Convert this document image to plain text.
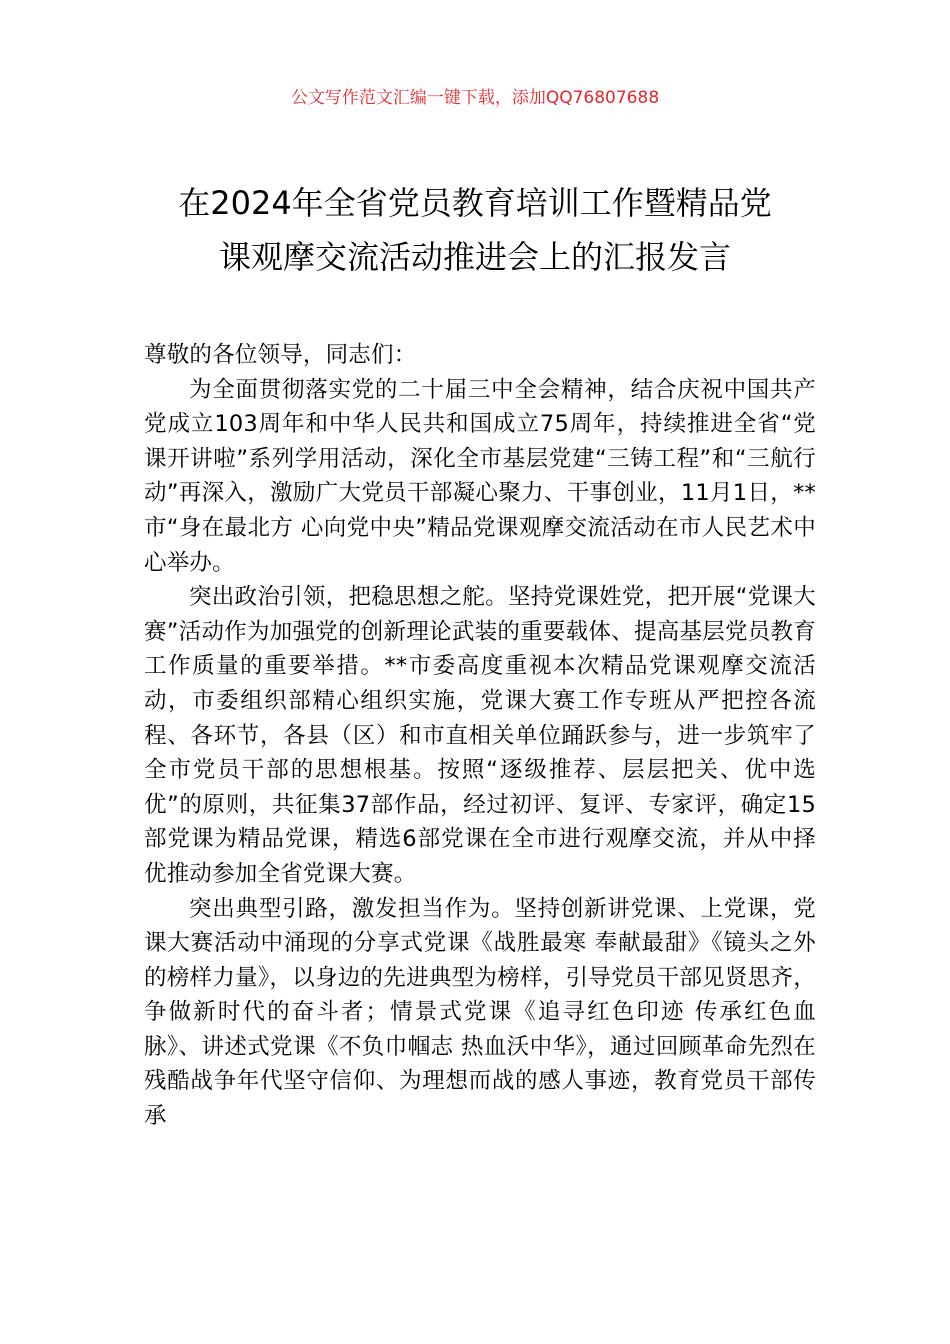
公文写作范文汇编一键下载，添加QQ76807688
在2024年全省党员教育培训工作暨精品党
课观摩交流活动推进会上的汇报发言

尊敬的各位领导，同志们：

为全面贯彻落实党的二十届三中全会精神，结合庆祝中国共产党成立103周年和中华人民共和国成立75周年，持续推进全省“党课开讲啦”系列学用活动，深化全市基层党建“三铸工程”和“三航行动”再深入，激励广大党员干部凝心聚力、干事创业，11月1日，**市“身在最北方 心向党中央”精品党课观摩交流活动在市人民艺术中心举办。

突出政治引领，把稳思想之舵。坚持党课姓党，把开展“党课大赛”活动作为加强党的创新理论武装的重要载体、提高基层党员教育工作质量的重要举措。**市委高度重视本次精品党课观摩交流活动，市委组织部精心组织实施，党课大赛工作专班从严把控各流程、各环节，各县（区）和市直相关单位踊跃参与，进一步筑牢了全市党员干部的思想根基。按照“逐级推荐、层层把关、优中选优”的原则，共征集37部作品，经过初评、复评、专家评，确定15部党课为精品党课，精选6部党课在全市进行观摩交流，并从中择优推动参加全省党课大赛。

突出典型引路，激发担当作为。坚持创新讲党课、上党课，党课大赛活动中涌现的分享式党课《战胜最寒 奉献最甜》《镜头之外的榜样力量》，以身边的先进典型为榜样，引导党员干部见贤思齐，争做新时代的奋斗者；情景式党课《追寻红色印迹 传承红色血脉》、讲述式党课《不负巾帼志 热血沃中华》，通过回顾革命先烈在残酷战争年代坚守信仰、为理想而战的感人事迹，教育党员干部传承
